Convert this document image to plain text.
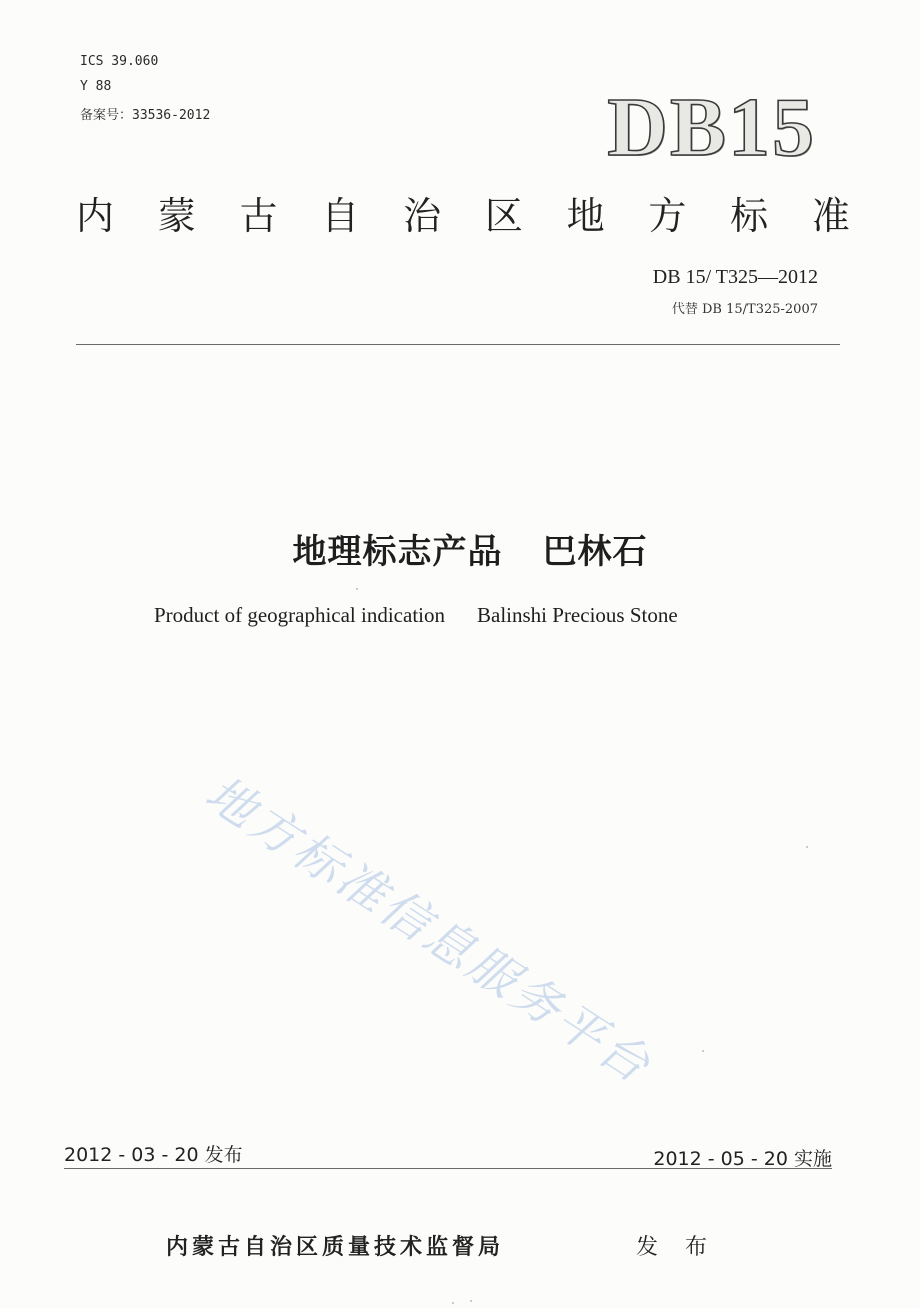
ICS 39.060
Y 88
备案号：33536-2012	DB15
内 蒙 古 自 治 区 地 方 标 准
DB 15/ T325—2012
代替 DB 15/T325-2007
地理标志产品 巴林石
Product of geographical indication Balinshi Precious Stone
地方标准信息服务平台
2012 - 03 - 20 发布	2012 - 05 - 20 实施
内蒙古自治区质量技术监督局	发 布
